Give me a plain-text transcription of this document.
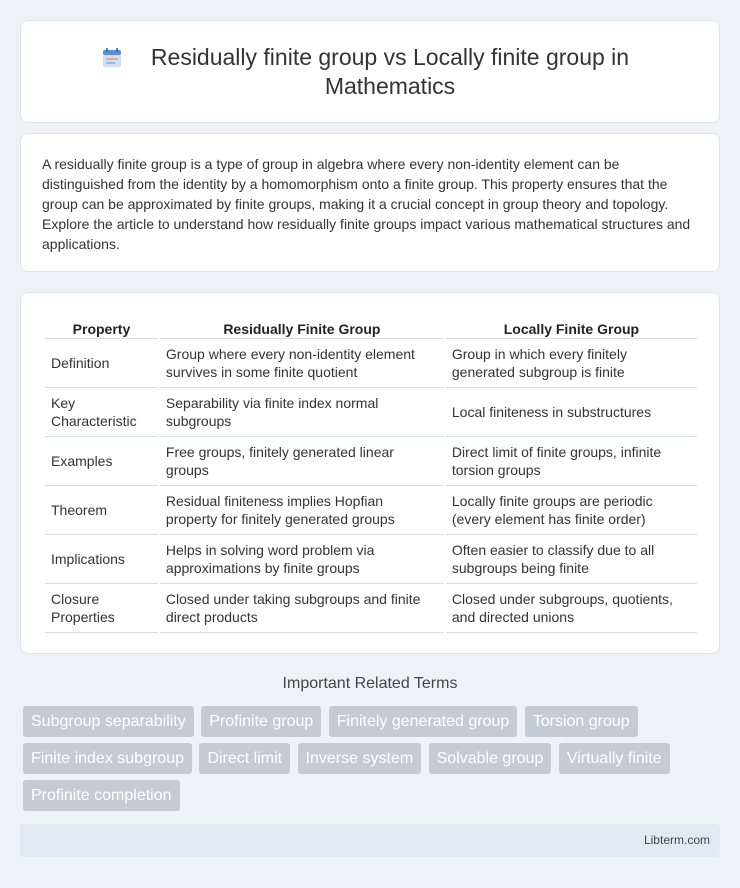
Residually finite group vs Locally finite group in Mathematics

A residually finite group is a type of group in algebra where every non-identity element can be distinguished from the identity by a homomorphism onto a finite group. This property ensures that the group can be approximated by finite groups, making it a crucial concept in group theory and topology. Explore the article to understand how residually finite groups impact various mathematical structures and applications.

Property	Residually Finite Group	Locally Finite Group
Definition	Group where every non-identity element survives in some finite quotient	Group in which every finitely generated subgroup is finite
Key Characteristic	Separability via finite index normal subgroups	Local finiteness in substructures
Examples	Free groups, finitely generated linear groups	Direct limit of finite groups, infinite torsion groups
Theorem	Residual finiteness implies Hopfian property for finitely generated groups	Locally finite groups are periodic (every element has finite order)
Implications	Helps in solving word problem via approximations by finite groups	Often easier to classify due to all subgroups being finite
Closure Properties	Closed under taking subgroups and finite direct products	Closed under subgroups, quotients, and directed unions
Important Related Terms
Subgroup separability Profinite group Finitely generated group Torsion group
Finite index subgroup Direct limit Inverse system Solvable group Virtually finite
Profinite completion
Libterm.com
